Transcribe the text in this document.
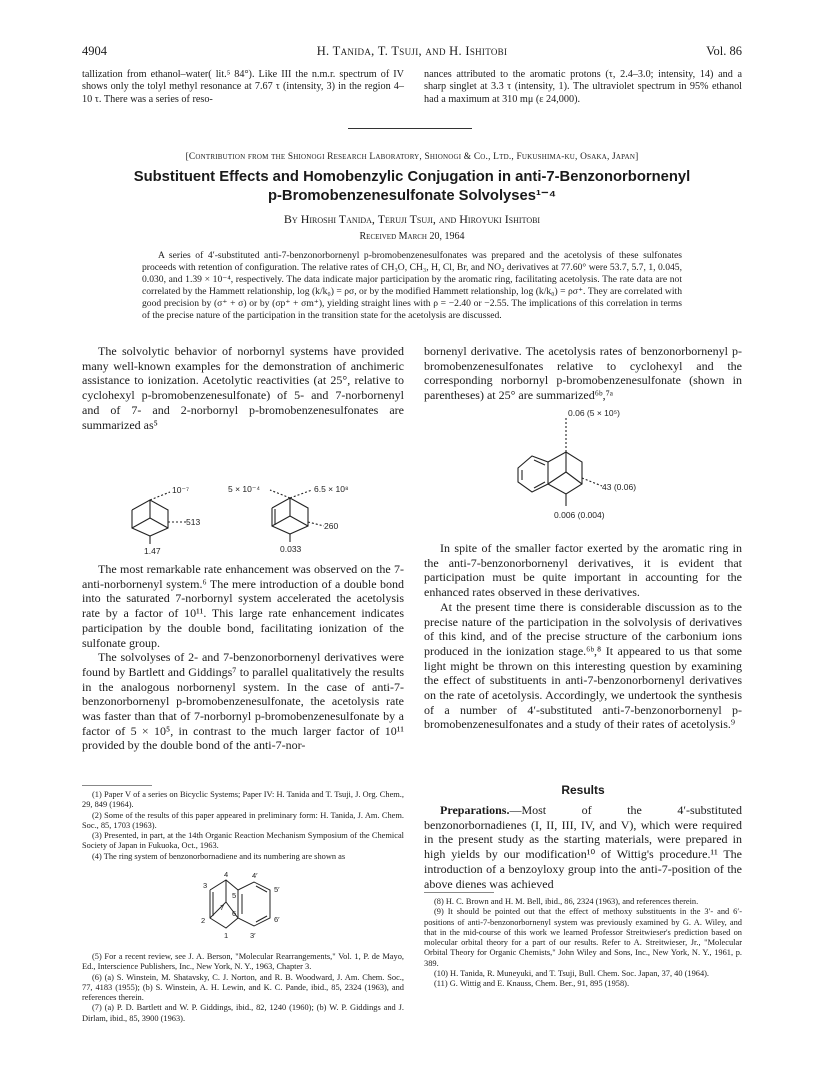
4904	H. Tanida, T. Tsuji, and H. Ishitobi	Vol. 86
tallization from ethanol–water( lit.⁵ 84°). Like III the n.m.r. spectrum of IV shows only the tolyl methyl resonance at 7.67 τ (intensity, 3) in the region 4–10 τ. There was a series of reso-
nances attributed to the aromatic protons (τ, 2.4–3.0; intensity, 14) and a sharp singlet at 3.3 τ (intensity, 1). The ultraviolet spectrum in 95% ethanol had a maximum at 310 mμ (ε 24,000).
[Contribution from the Shionogi Research Laboratory, Shionogi & Co., Ltd., Fukushima-ku, Osaka, Japan]
Substituent Effects and Homobenzylic Conjugation in anti-7-Benzonorbornenyl
p-Bromobenzenesulfonate Solvolyses¹⁻⁴
By Hiroshi Tanida, Teruji Tsuji, and Hiroyuki Ishitobi
Received March 20, 1964

A series of 4′-substituted anti-7-benzonorbornenyl p-bromobenzenesulfonates was prepared and the acetolysis of these sulfonates proceeds with retention of configuration. The relative rates of CH₃O, CH₃, H, Cl, Br, and NO₂ derivatives at 77.60° were 53.7, 5.7, 1, 0.045, 0.030, and 1.39 × 10⁻⁴, respectively. The data indicate major participation by the aromatic ring, facilitating acetolysis. The rate data are not correlated by the Hammett relationship, log (k/k₀) = ρσ, or by the modified Hammett relationship, log (k/k₀) = ρσ⁺. They are correlated with good precision by (σ⁺ + σ) or by (σp⁺ + σm⁺), yielding straight lines with ρ = −2.40 or −2.55. The implications of this correlation in terms of the precise nature of the participation in the transition state for the acetolysis are discussed.

The solvolytic behavior of norbornyl systems have provided many well-known examples for the demonstration of anchimeric assistance to ionization. Acetolytic reactivities (at 25°, relative to cyclohexyl p-bromobenzenesulfonate) of 5- and 7-norbornenyl and of 7- and 2-norbornyl p-bromobenzenesulfonates are summarized as⁵

10⁻⁷
513
1.47
5 × 10⁻⁴	6.5 × 10⁸
260
0.033

The most remarkable rate enhancement was observed on the 7-anti-norbornenyl system.⁶ The mere introduction of a double bond into the saturated 7-norbornyl system accelerated the acetolysis rate by a factor of 10¹¹. This large rate enhancement indicates participation by the double bond, facilitating ionization of the sulfonate group.

The solvolyses of 2- and 7-benzonorbornenyl derivatives were found by Bartlett and Giddings⁷ to parallel qualitatively the results in the analogous norbornenyl system. In the case of anti-7-benzonorbornenyl p-bromobenzenesulfonate, the acetolysis rate was faster than that of 7-norbornyl p-bromobenzenesulfonate by a factor of 5 × 10⁵, in contrast to the much larger factor of 10¹¹ provided by the double bond of the anti-7-nor-

(1) Paper V of a series on Bicyclic Systems; Paper IV: H. Tanida and T. Tsuji, J. Org. Chem., 29, 849 (1964).

(2) Some of the results of this paper appeared in preliminary form: H. Tanida, J. Am. Chem. Soc., 85, 1703 (1963).

(3) Presented, in part, at the 14th Organic Reaction Mechanism Symposium of the Chemical Society of Japan in Fukuoka, Oct., 1963.

(4) The ring system of benzonorbornadiene and its numbering are shown as

3
2
4
1
7
5
6
4′
5′
6′
3′

(5) For a recent review, see J. A. Berson, "Molecular Rearrangements," Vol. 1, P. de Mayo, Ed., Interscience Publishers, Inc., New York, N. Y., 1963, Chapter 3.

(6) (a) S. Winstein, M. Shatavsky, C. J. Norton, and R. B. Woodward, J. Am. Chem. Soc., 77, 4183 (1955); (b) S. Winstein, A. H. Lewin, and K. C. Pande, ibid., 85, 2324 (1963), and references therein.

(7) (a) P. D. Bartlett and W. P. Giddings, ibid., 82, 1240 (1960); (b) W. P. Giddings and J. Dirlam, ibid., 85, 3900 (1963).

bornenyl derivative. The acetolysis rates of benzonorbornenyl p-bromobenzenesulfonates relative to cyclohexyl and the corresponding norbornyl p-bromobenzenesulfonate (shown in parentheses) at 25° are summarized⁶ᵇ,⁷ᵃ

0.06 (5 × 10⁵)
43 (0.06)
0.006 (0.004)

In spite of the smaller factor exerted by the aromatic ring in the anti-7-benzonorbornenyl derivatives, it is evident that participation must be quite important in accounting for the enhanced rates observed in these derivatives.

At the present time there is considerable discussion as to the precise nature of the participation in the solvolysis of derivatives of this kind, and of the precise structure of the carbonium ions produced in the ionization stage.⁶ᵇ,⁸ It appeared to us that some light might be thrown on this interesting question by examining the effect of substituents in anti-7-benzonorbornenyl derivatives on the rate of acetolysis. Accordingly, we undertook the synthesis of a number of 4′-substituted anti-7-benzonorbornenyl p-bromobenzenesulfonates and a study of their rates of acetolysis.⁹

Results

Preparations.—Most of the 4′-substituted benzonorbornadienes (I, II, III, IV, and V), which were required in the present study as the starting materials, were prepared in high yields by our modification¹⁰ of Wittig's procedure.¹¹ The introduction of a benzoyloxy group into the anti-7-position of the above dienes was achieved

(8) H. C. Brown and H. M. Bell, ibid., 86, 2324 (1963), and references therein.

(9) It should be pointed out that the effect of methoxy substituents in the 3′- and 6′-positions of anti-7-benzonorbornenyl system was previously examined by G. A. Wiley, and that in the mid-course of this work we learned Professor Streitwieser's prediction based on molecular orbital theory for a part of our results. Refer to A. Streitwieser, Jr., "Molecular Orbital Theory for Organic Chemists," John Wiley and Sons, Inc., New York, N. Y., 1961, p. 389.

(10) H. Tanida, R. Muneyuki, and T. Tsuji, Bull. Chem. Soc. Japan, 37, 40 (1964).

(11) G. Wittig and E. Knauss, Chem. Ber., 91, 895 (1958).
